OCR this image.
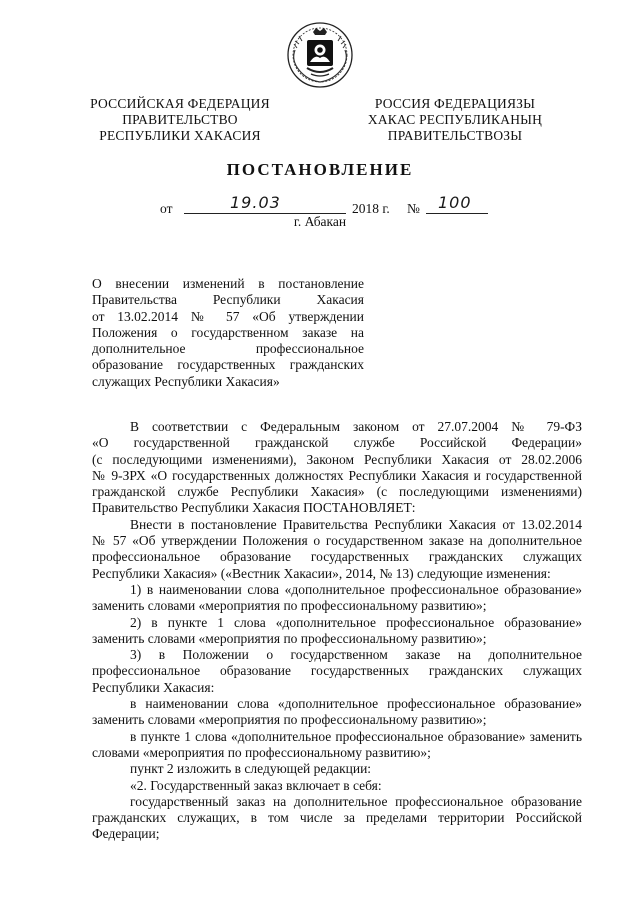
РОССИЙСКАЯ ФЕДЕРАЦИЯ
ПРАВИТЕЛЬСТВО
РЕСПУБЛИКИ ХАКАСИЯ
РОССИЯ ФЕДЕРАЦИЯЗЫ
ХАКАС РЕСПУБЛИКАНЫҢ
ПРАВИТЕЛЬСТВОЗЫ
ПОСТАНОВЛЕНИЕ
от	19.03	2018 г. № 100
г. Абакан
О внесении изменений в постановление
Правительства Республики Хакасия
от 13.02.2014 № 57 «Об утверждении
Положения о государственном заказе на
дополнительное профессиональное
образование государственных гражданских
служащих Республики Хакасия»
В соответствии с Федеральным законом от 27.07.2004 № 79-ФЗ
«О государственной гражданской службе Российской Федерации»
(с последующими изменениями), Законом Республики Хакасия от 28.02.2006
№ 9-ЗРХ «О государственных должностях Республики Хакасия и государственной
гражданской службе Республики Хакасия» (с последующими изменениями)
Правительство Республики Хакасия ПОСТАНОВЛЯЕТ:
Внести в постановление Правительства Республики Хакасия от 13.02.2014
№ 57 «Об утверждении Положения о государственном заказе на дополнительное
профессиональное образование государственных гражданских служащих
Республики Хакасия» («Вестник Хакасии», 2014, № 13) следующие изменения:
1) в наименовании слова «дополнительное профессиональное образование»
заменить словами «мероприятия по профессиональному развитию»;
2) в пункте 1 слова «дополнительное профессиональное образование»
заменить словами «мероприятия по профессиональному развитию»;
3) в Положении о государственном заказе на дополнительное
профессиональное образование государственных гражданских служащих
Республики Хакасия:
в наименовании слова «дополнительное профессиональное образование»
заменить словами «мероприятия по профессиональному развитию»;
в пункте 1 слова «дополнительное профессиональное образование» заменить
словами «мероприятия по профессиональному развитию»;
пункт 2 изложить в следующей редакции:
«2. Государственный заказ включает в себя:
государственный заказ на дополнительное профессиональное образование
гражданских служащих, в том числе за пределами территории Российской
Федерации;
